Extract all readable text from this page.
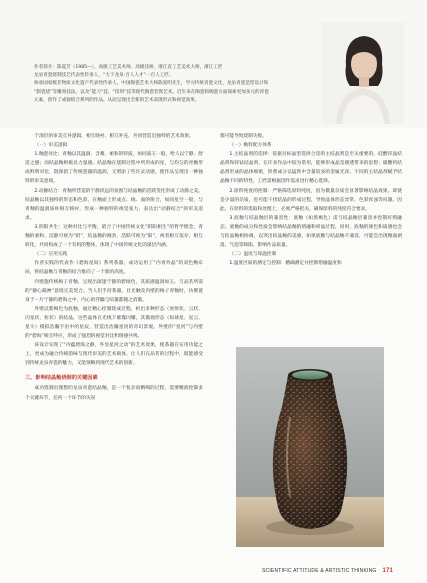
作者简介：陈夏芳（1985—），高级工艺美术师，高级技师，浙江省工艺美术大师，浙江工匠

龙泉青瓷烧制技艺代表性传承人，“大下龙泉·百人人才”一百人工匠。

师承国家级非物质文化遗产代表性传承人、中国陶瓷艺术大师陈爱明先生，学习传统青瓷文化，龙泉青瓷造型设计和

“制瓷烧”等雕刻技法，以及“能刀”技、“印刻”技等现代陶瓷装饰艺术。近年来在陶瓷和陶瓷方面探索更加多元的青瓷

元素，创作了成独组合系列的作品。从而呈现出全新的艺术表现形式和视觉效果。

于深层的审美互补逻辑，相互映衬、相互补充，共同营造出独特的艺术效果。

（一）审美逻辑

1.釉瓷对比：青釉以其温润、含蓄、柔和的特质，如同质玉一般，给人以宁静、舒适之感；而结晶釉则极具力量感。结晶釉在烧制过程中所形成的星，与均匀的青釉形成鲜明对比，既保留了传统瓷器的温润，又增添了些许灵动感，使作品呈现出一种独特的审美意境。

2.动静结合：青釉所营造的宁静淡远的氛围与结晶釉的活跃变化形成了动静之美。结晶釉以其独特的形态和色彩，在釉面上形成点、线、面的组合，如同星空一般，与青釉的温润质朴相互映衬，形成一种独特的视觉张力，表达出“动静结合”的审美追求。

3.阴阳共生：这种对比与平衡，暗合了中国传统文化“阴阳相生”的哲学理念。青釉的柔和、沉静可视为“阴”，结晶釉的刚劲、活跃可视为“阳”，两者相互依存、相互转化，共同构成了一个有机的整体，体现了中国传统文化的深层内涵。

（二）应用实践

作者实践的代表作《碧海星间》系列茶器，成功运用了“内青外晶”的双色釉布局，将结晶釉与青釉的结合推向了一个新的高度。

内壁施传统梅子青釉，呈现出深邃宁静的碧绿色，其质感温润如玉，与品茗所需的“静心凝神”意境完美契合。当人们手持茶器，目光触及内壁的梅子青釉时，仿佛置身于一片宁静的碧海之中，内心的浮躁与喧嚣都随之消散。

外壁以紫褐色为底釉，通过精心控制烧成过程，析出多种形态（放射状、云状、闪星状、粒状）的结晶，这些晶体在光线下璀璨闪耀，其微观形态（如球星、星云、星斗）模拟浩瀚宇宙中的星辰，营造出浩瀚星河的奇幻景观。外壁的“星河”与内壁的“碧海”相互呼应，形成了强烈的视觉对比和情感共鸣。

该设计实现了“内蕴碧海之静，外显星河之动”的艺术效果，使茶器在实用功能之上，更成为融合传统韵味与现代审美的艺术载体，让人们在品茗的过程中，既能感受到传统龙泉青瓷的魅力，又能领略到现代艺术的创新。

三、影响结晶釉烧制的关键因素

成功烧制出理想的龙泉青瓷结晶釉，是一个复杂而精细的过程，需要精准控制多个关键环节，任何一个环节的失误

都可能导致烧制失败。

（一）釉料配方体系

1.主结晶剂的选择：依据目标晶型选择合适的主结晶剂是至关重要的。硅酸锌晶结晶剂和锌钛结晶剂，在许多作品中较为常用，能够形成晶莹剔透带来的思想；碳酸钙结晶剂形成的晶体细密，铁系成分以锰铁中含量较多的金属光泽，不同的主结晶剂赋予结晶釉不同的特性，工匠需根据创作需求进行精心选择。

2.原料纯度的控制：严格筛选原料纯度，因为微量杂质会显著影响结晶效果。即使是少量的杂质，也可能干扰结晶的形成过程，导致晶体形态异常、色彩浑浊等问题。因此，在原料的选取和处理上，必须严格把关，确保原料的纯度符合要求。

3.底釉与结晶釉层的兼容性：底釉（如黑褐色）需与结晶釉层兼容并控制好熔融态。底釉的成分和性质会影响结晶釉的熔融和析晶过程，同时，底釉的颜色和质感也会与结晶釉相协调，以突出结晶釉的美感，如果底釉与结晶釉不兼容，可能会出现釉面剥落、气泡等缺陷，影响作品质量。

（二）温度与保温控制

1.温度区间的测定与控制：精确测定并控制熔融温度和

SCIENTIFIC ATTITUDE & ARTISTIC THINKING 171
